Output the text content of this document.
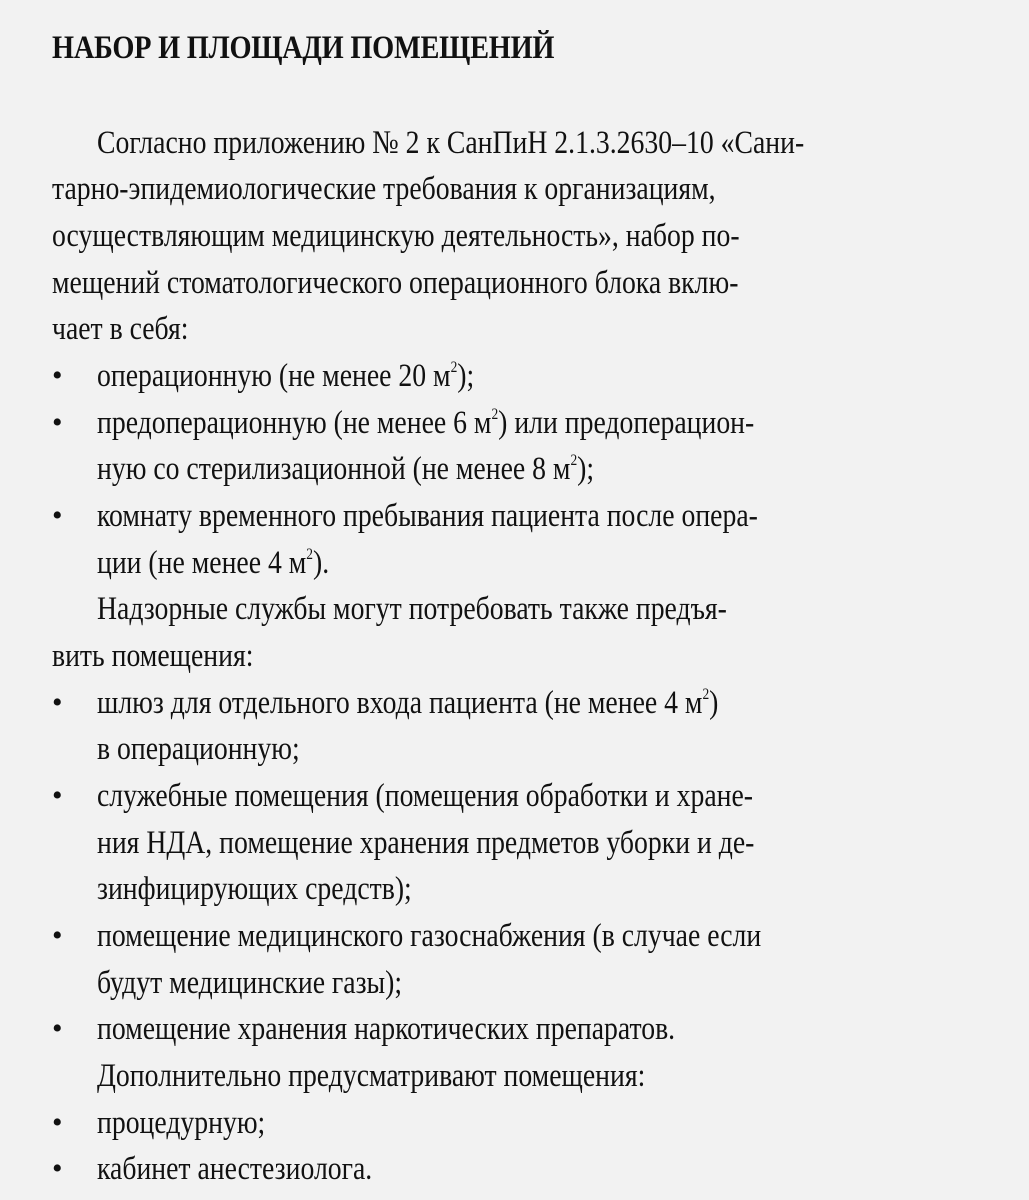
НАБОР И ПЛОЩАДИ ПОМЕЩЕНИЙ
Согласно приложению № 2 к СанПиН 2.1.3.2630–10 «Сани-
тарно-эпидемиологические требования к организациям,
осуществляющим медицинскую деятельность», набор по-
мещений стоматологического операционного блока вклю-
чает в себя:
• операционную (не менее 20 $м^2$);
• предоперационную (не менее 6 $м^2$) или предоперацион-
ную со стерилизационной (не менее 8 $м^2$);
• комнату временного пребывания пациента после опера-
ции (не менее 4 $м^2$).
Надзорные службы могут потребовать также предъя-
вить помещения:
• шлюз для отдельного входа пациента (не менее 4 $м^2$)
в операционную;
• служебные помещения (помещения обработки и хране-
ния НДА, помещение хранения предметов уборки и де-
зинфицирующих средств);
• помещение медицинского газоснабжения (в случае если
будут медицинские газы);
• помещение хранения наркотических препаратов.
Дополнительно предусматривают помещения:
• процедурную;
• кабинет анестезиолога.
